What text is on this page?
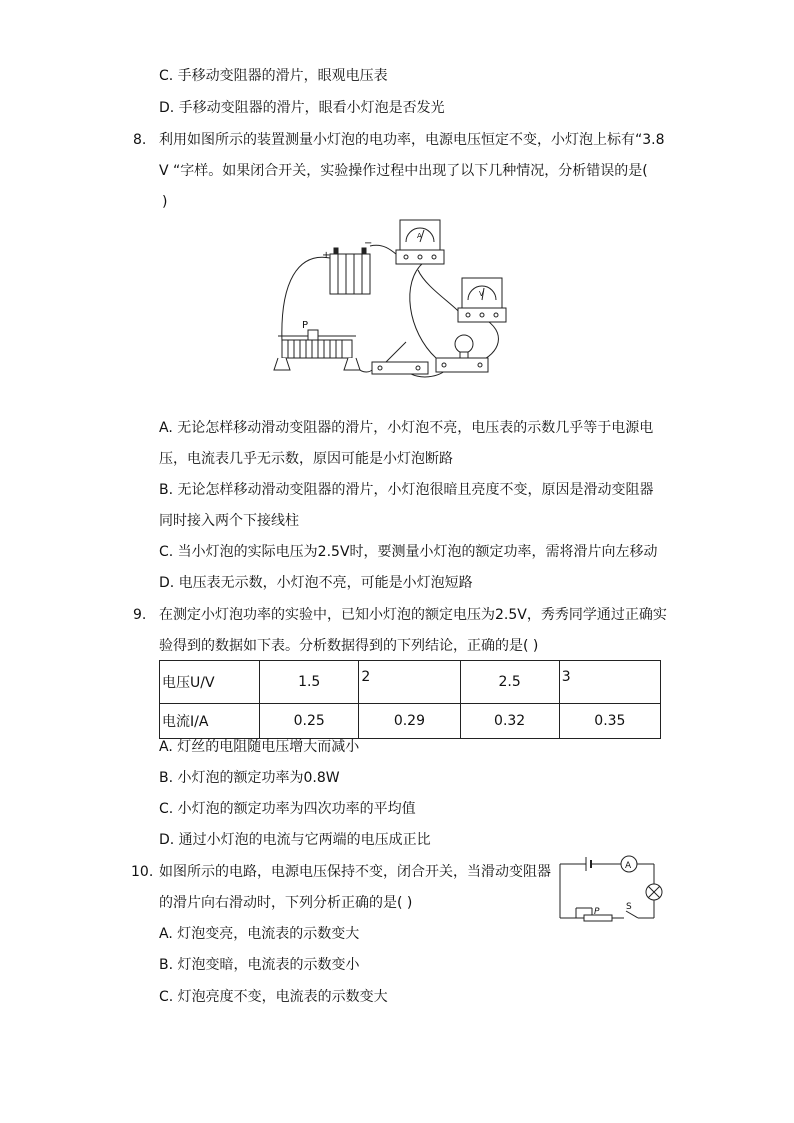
C. 手移动变阻器的滑片，眼观电压表
D. 手移动变阻器的滑片，眼看小灯泡是否发光
8. 利用如图所示的装置测量小灯泡的电功率，电源电压恒定不变，小灯泡上标有“3.8
V “字样。如果闭合开关，实验操作过程中出现了以下几种情况，分析错误的是(
)
+
−
A
V
P
A. 无论怎样移动滑动变阻器的滑片，小灯泡不亮，电压表的示数几乎等于电源电
压，电流表几乎无示数，原因可能是小灯泡断路
B. 无论怎样移动滑动变阻器的滑片，小灯泡很暗且亮度不变，原因是滑动变阻器
同时接入两个下接线柱
C. 当小灯泡的实际电压为2.5V时，要测量小灯泡的额定功率，需将滑片向左移动
D. 电压表无示数，小灯泡不亮，可能是小灯泡短路
9. 在测定小灯泡功率的实验中，已知小灯泡的额定电压为2.5V，秀秀同学通过正确实
验得到的数据如下表。分析数据得到的下列结论，正确的是( )
电压U/V	1.5	2	2.5	3
电流I/A	0.25	0.29	0.32	0.35
A. 灯丝的电阻随电压增大而减小
B. 小灯泡的额定功率为0.8W
C. 小灯泡的额定功率为四次功率的平均值
D. 通过小灯泡的电流与它两端的电压成正比
10. 如图所示的电路，电源电压保持不变，闭合开关，当滑动变阻器
的滑片向右滑动时，下列分析正确的是( )
A
P	S
A. 灯泡变亮，电流表的示数变大
B. 灯泡变暗，电流表的示数变小
C. 灯泡亮度不变，电流表的示数变大
